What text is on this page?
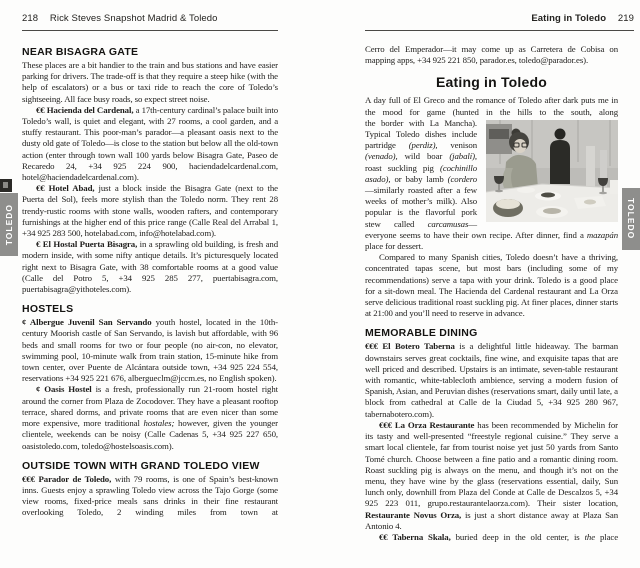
218 Rick Steves Snapshot Madrid & Toledo
NEAR BISAGRA GATE

These places are a bit handier to the train and bus stations and have easier parking for drivers. The trade-off is that they require a steep hike (with the help of escalators) or a bus or taxi ride to reach the core of Toledo’s sightseeing. All face busy roads, so expect street noise.

€€ Hacienda del Cardenal, a 17th-century cardinal’s palace built into Toledo’s wall, is quiet and elegant, with 27 rooms, a cool garden, and a stuffy restaurant. This poor-man’s parador—a pleasant oasis next to the dusty old gate of Toledo—is close to the station but below all the old-town action (enter through town wall 100 yards below Bisagra Gate, Paseo de Recaredo 24, +34 925 224 900, haciendadelcardenal.com, hotel@haciendadelcardenal.com).

€€ Hotel Abad, just a block inside the Bisagra Gate (next to the Puerta del Sol), feels more stylish than the Toledo norm. They rent 28 trendy-rustic rooms with stone walls, wooden rafters, and contemporary furnishings at the higher end of this price range (Calle Real del Arrabal 1, +34 925 283 500, hotelabad.com, info@hotelabad.com).

€ El Hostal Puerta Bisagra, in a sprawling old building, is fresh and modern inside, with some nifty antique details. It’s picturesquely located right next to Bisagra Gate, with 38 comfortable rooms at a good value (Calle del Potro 5, +34 925 285 277, puertabisagra.com, puertabisagra@yithoteles.com).

HOSTELS

¢ Albergue Juvenil San Servando youth hostel, located in the 10th-century Moorish castle of San Servando, is lavish but affordable, with 96 beds and small rooms for two or four people (no air-con, no elevator, swimming pool, 10-minute walk from train station, 15-minute hike from town center, over Puente de Alcántara outside town, +34 925 224 554, reservations +34 925 221 676, albergueclm@jccm.es, no English spoken).

¢ Oasis Hostel is a fresh, professionally run 21-room hostel right around the corner from Plaza de Zocodover. They have a pleasant rooftop terrace, shared dorms, and private rooms that are even nicer than some more expensive, more traditional hostales; however, given the younger clientele, weekends can be noisy (Calle Cadenas 5, +34 925 227 650, oasistoledo.com, toledo@hostelsoasis.com).

OUTSIDE TOWN WITH GRAND TOLEDO VIEW

€€€ Parador de Toledo, with 79 rooms, is one of Spain’s best-known inns. Guests enjoy a sprawling Toledo view across the Tajo Gorge (some view rooms, fixed-price meals sans drinks in their fine restaurant overlooking Toledo, 2 winding miles from town at

Eating in Toledo 219

Cerro del Emperador—it may come up as Carretera de Cobisa on mapping apps, +34 925 221 850, parador.es, toledo@parador.es).

Eating in Toledo

A day full of El Greco and the romance of Toledo after dark puts me in the mood for game (hunted in the hills to the south, along

the border with La Mancha). Typical Toledo dishes include partridge (perdiz), venison (venado), wild boar (jabalí), roast suckling pig (cochinillo asado), or baby lamb (cordero—similarly roasted after a few weeks of mother’s milk). Also popular is the flavorful pork stew called carcamusas—everyone seems to have their own recipe. After dinner, find a mazapán place for dessert.

Compared to many Spanish cities, Toledo doesn’t have a thriving, concentrated tapas scene, but most bars (including some of my recommendations) serve a tapa with your drink. Toledo is a good place for a sit-down meal. The Hacienda del Cardenal restaurant and La Orza serve delicious traditional roast suckling pig. At finer places, dinner starts at 21:00 and you’ll need to reserve in advance.

MEMORABLE DINING

€€€ El Botero Taberna is a delightful little hideaway. The barman downstairs serves great cocktails, fine wine, and exquisite tapas that are well priced and described. Upstairs is an intimate, seven-table restaurant with romantic, white-tablecloth ambience, serving a modern fusion of Spanish, Asian, and Peruvian dishes (reservations smart, daily until late, a block from cathedral at Calle de la Ciudad 5, +34 925 280 967, tabernabotero.com).

€€€ La Orza Restaurante has been recommended by Michelin for its tasty and well-presented “freestyle regional cuisine.” They serve a smart local clientele, far from tourist noise yet just 50 yards from Santo Tomé church. Choose between a fine patio and a romantic dining room. Roast suckling pig is always on the menu, and though it’s not on the menu, they have wine by the glass (reservations essential, daily, Sun lunch only, downhill from Plaza del Conde at Calle de Descalzos 5, +34 925 223 011, grupo.restaurantelaorza.com). Their sister location, Restaurante Novus Orza, is just a short distance away at Plaza San Antonio 4.

€€ Taberna Skala, buried deep in the old center, is the place

TOLEDO	TOLEDO
